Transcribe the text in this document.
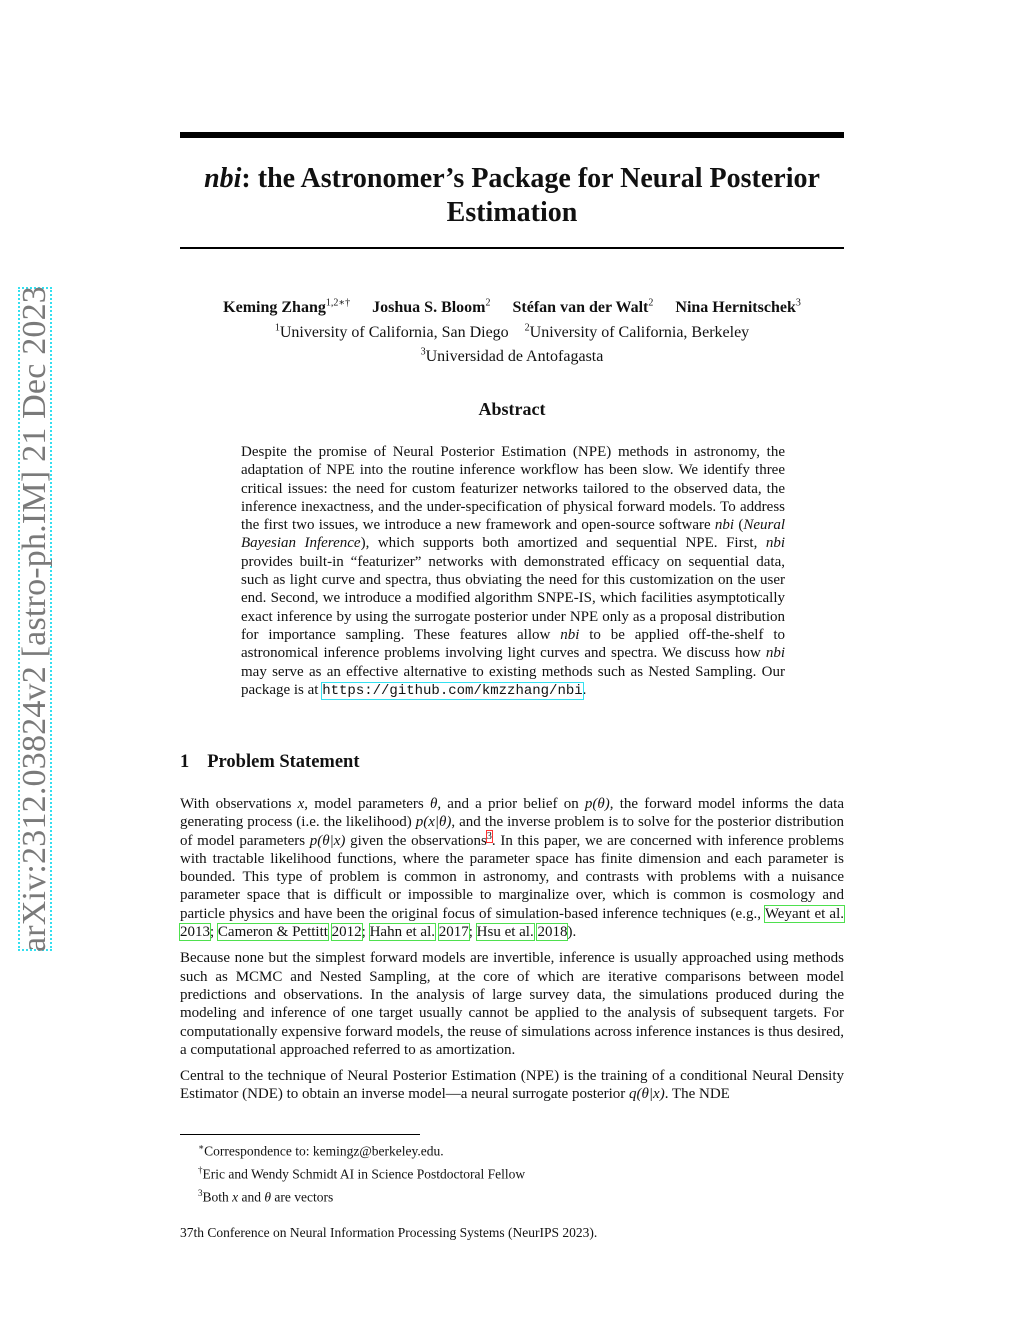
arXiv:2312.03824v2 [astro-ph.IM] 21 Dec 2023
nbi: the Astronomer’s Package for Neural Posterior Estimation
Keming Zhang$^{1,2∗\dagger}$ Joshua S. Bloom$^2$ Stéfan van der Walt$^2$ Nina Hernitschek$^3$
$^1$University of California, San Diego $^2$University of California, Berkeley
$^3$Universidad de Antofagasta
Abstract
Despite the promise of Neural Posterior Estimation (NPE) methods in astronomy, the adaptation of NPE into the routine inference workflow has been slow. We identify three critical issues: the need for custom featurizer networks tailored to the observed data, the inference inexactness, and the under-specification of physical forward models. To address the first two issues, we introduce a new framework and open-source software nbi (Neural Bayesian Inference), which supports both amortized and sequential NPE. First, nbi provides built-in “featurizer” networks with demonstrated efficacy on sequential data, such as light curve and spectra, thus obviating the need for this customization on the user end. Second, we introduce a modified algorithm SNPE-IS, which facilities asymptotically exact inference by using the surrogate posterior under NPE only as a proposal distribution for importance sampling. These features allow nbi to be applied off-the-shelf to astronomical inference problems involving light curves and spectra. We discuss how nbi may serve as an effective alternative to existing methods such as Nested Sampling. Our package is at https://github.com/kmzzhang/nbi.
1 Problem Statement

With observations x, model parameters θ, and a prior belief on p(θ), the forward model informs the data generating process (i.e. the likelihood) p(x|θ), and the inverse problem is to solve for the posterior distribution of model parameters p(θ|x) given the observations$^3$. In this paper, we are concerned with inference problems with tractable likelihood functions, where the parameter space has finite dimension and each parameter is bounded. This type of problem is common in astronomy, and contrasts with problems with a nuisance parameter space that is difficult or impossible to marginalize over, which is common is cosmology and particle physics and have been the original focus of simulation-based inference techniques (e.g., Weyant et al. 2013; Cameron & Pettitt 2012; Hahn et al. 2017; Hsu et al. 2018).

Because none but the simplest forward models are invertible, inference is usually approached using methods such as MCMC and Nested Sampling, at the core of which are iterative comparisons between model predictions and observations. In the analysis of large survey data, the simulations produced during the modeling and inference of one target usually cannot be applied to the analysis of subsequent targets. For computationally expensive forward models, the reuse of simulations across inference instances is thus desired, a computational approached referred to as amortization.

Central to the technique of Neural Posterior Estimation (NPE) is the training of a conditional Neural Density Estimator (NDE) to obtain an inverse model—a neural surrogate posterior q(θ|x). The NDE

∗Correspondence to: kemingz@berkeley.edu.
†Eric and Wendy Schmidt AI in Science Postdoctoral Fellow
$^3$Both x and θ are vectors
37th Conference on Neural Information Processing Systems (NeurIPS 2023).
